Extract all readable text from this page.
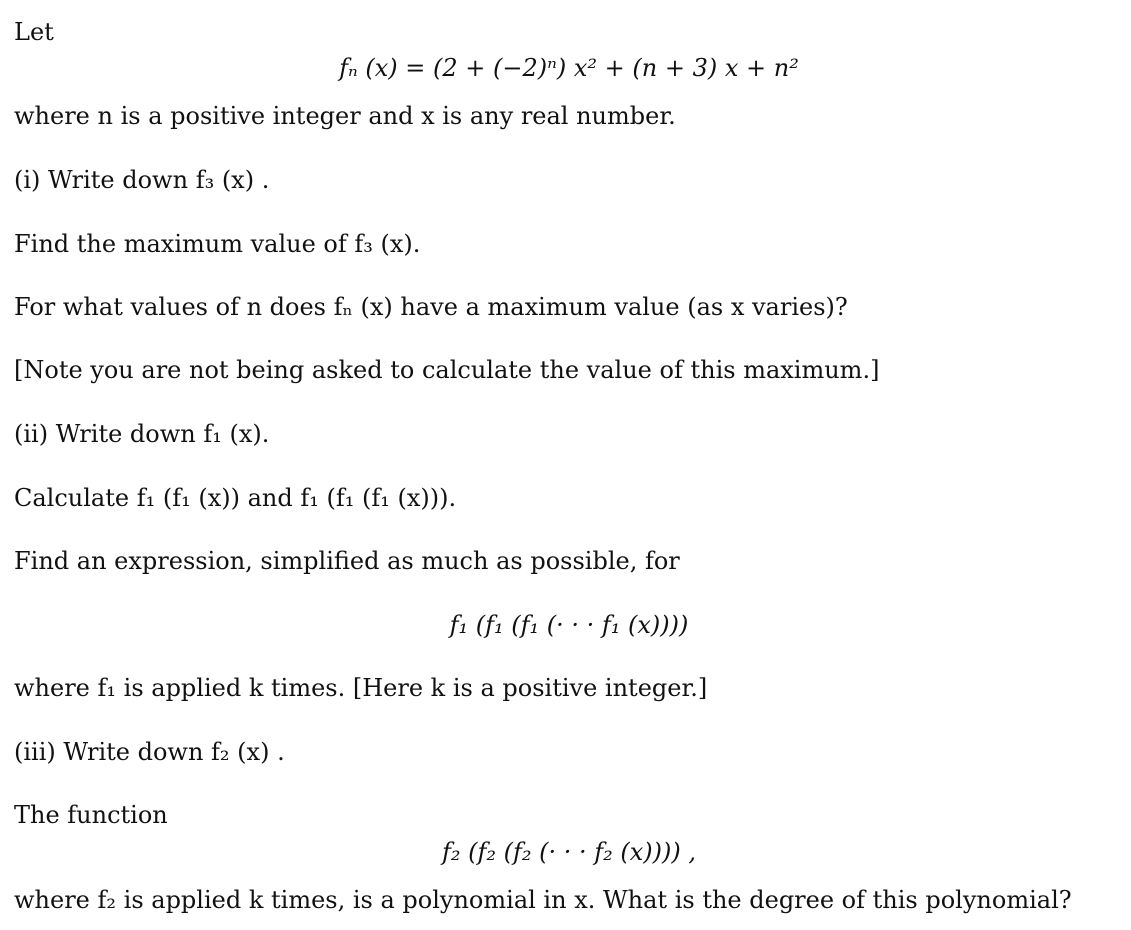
Let
fₙ (x) = (2 + (−2)ⁿ) x² + (n + 3) x + n²
where n is a positive integer and x is any real number.
(i) Write down f₃ (x) .
Find the maximum value of f₃ (x).
For what values of n does fₙ (x) have a maximum value (as x varies)?
[Note you are not being asked to calculate the value of this maximum.]
(ii) Write down f₁ (x).
Calculate f₁ (f₁ (x)) and f₁ (f₁ (f₁ (x))).
Find an expression, simplified as much as possible, for
f₁ (f₁ (f₁ (· · · f₁ (x))))
where f₁ is applied k times. [Here k is a positive integer.]
(iii) Write down f₂ (x) .
The function
f₂ (f₂ (f₂ (· · · f₂ (x)))) ,
where f₂ is applied k times, is a polynomial in x. What is the degree of this polynomial?
